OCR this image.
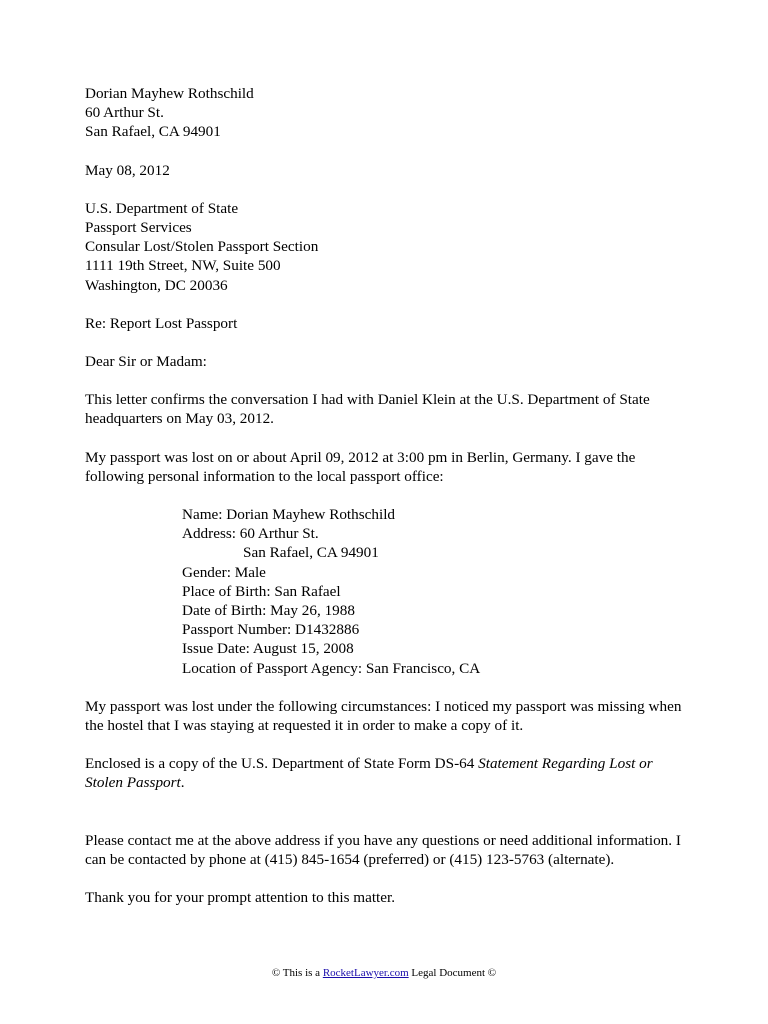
Dorian Mayhew Rothschild
60 Arthur St.
San Rafael, CA 94901
May 08, 2012
U.S. Department of State
Passport Services
Consular Lost/Stolen Passport Section
1111 19th Street, NW, Suite 500
Washington, DC 20036
Re: Report Lost Passport
Dear Sir or Madam:
This letter confirms the conversation I had with Daniel Klein at the U.S. Department of State headquarters on May 03, 2012.
My passport was lost on or about April 09, 2012 at 3:00 pm in Berlin, Germany. I gave the following personal information to the local passport office:
Name: Dorian Mayhew Rothschild
Address: 60 Arthur St.
San Rafael, CA 94901
Gender: Male
Place of Birth: San Rafael
Date of Birth: May 26, 1988
Passport Number: D1432886
Issue Date: August 15, 2008
Location of Passport Agency: San Francisco, CA
My passport was lost under the following circumstances: I noticed my passport was missing when the hostel that I was staying at requested it in order to make a copy of it.
Enclosed is a copy of the U.S. Department of State Form DS-64 Statement Regarding Lost or Stolen Passport.
Please contact me at the above address if you have any questions or need additional information. I can be contacted by phone at (415) 845-1654 (preferred) or (415) 123-5763 (alternate).
Thank you for your prompt attention to this matter.
© This is a RocketLawyer.com Legal Document ©
